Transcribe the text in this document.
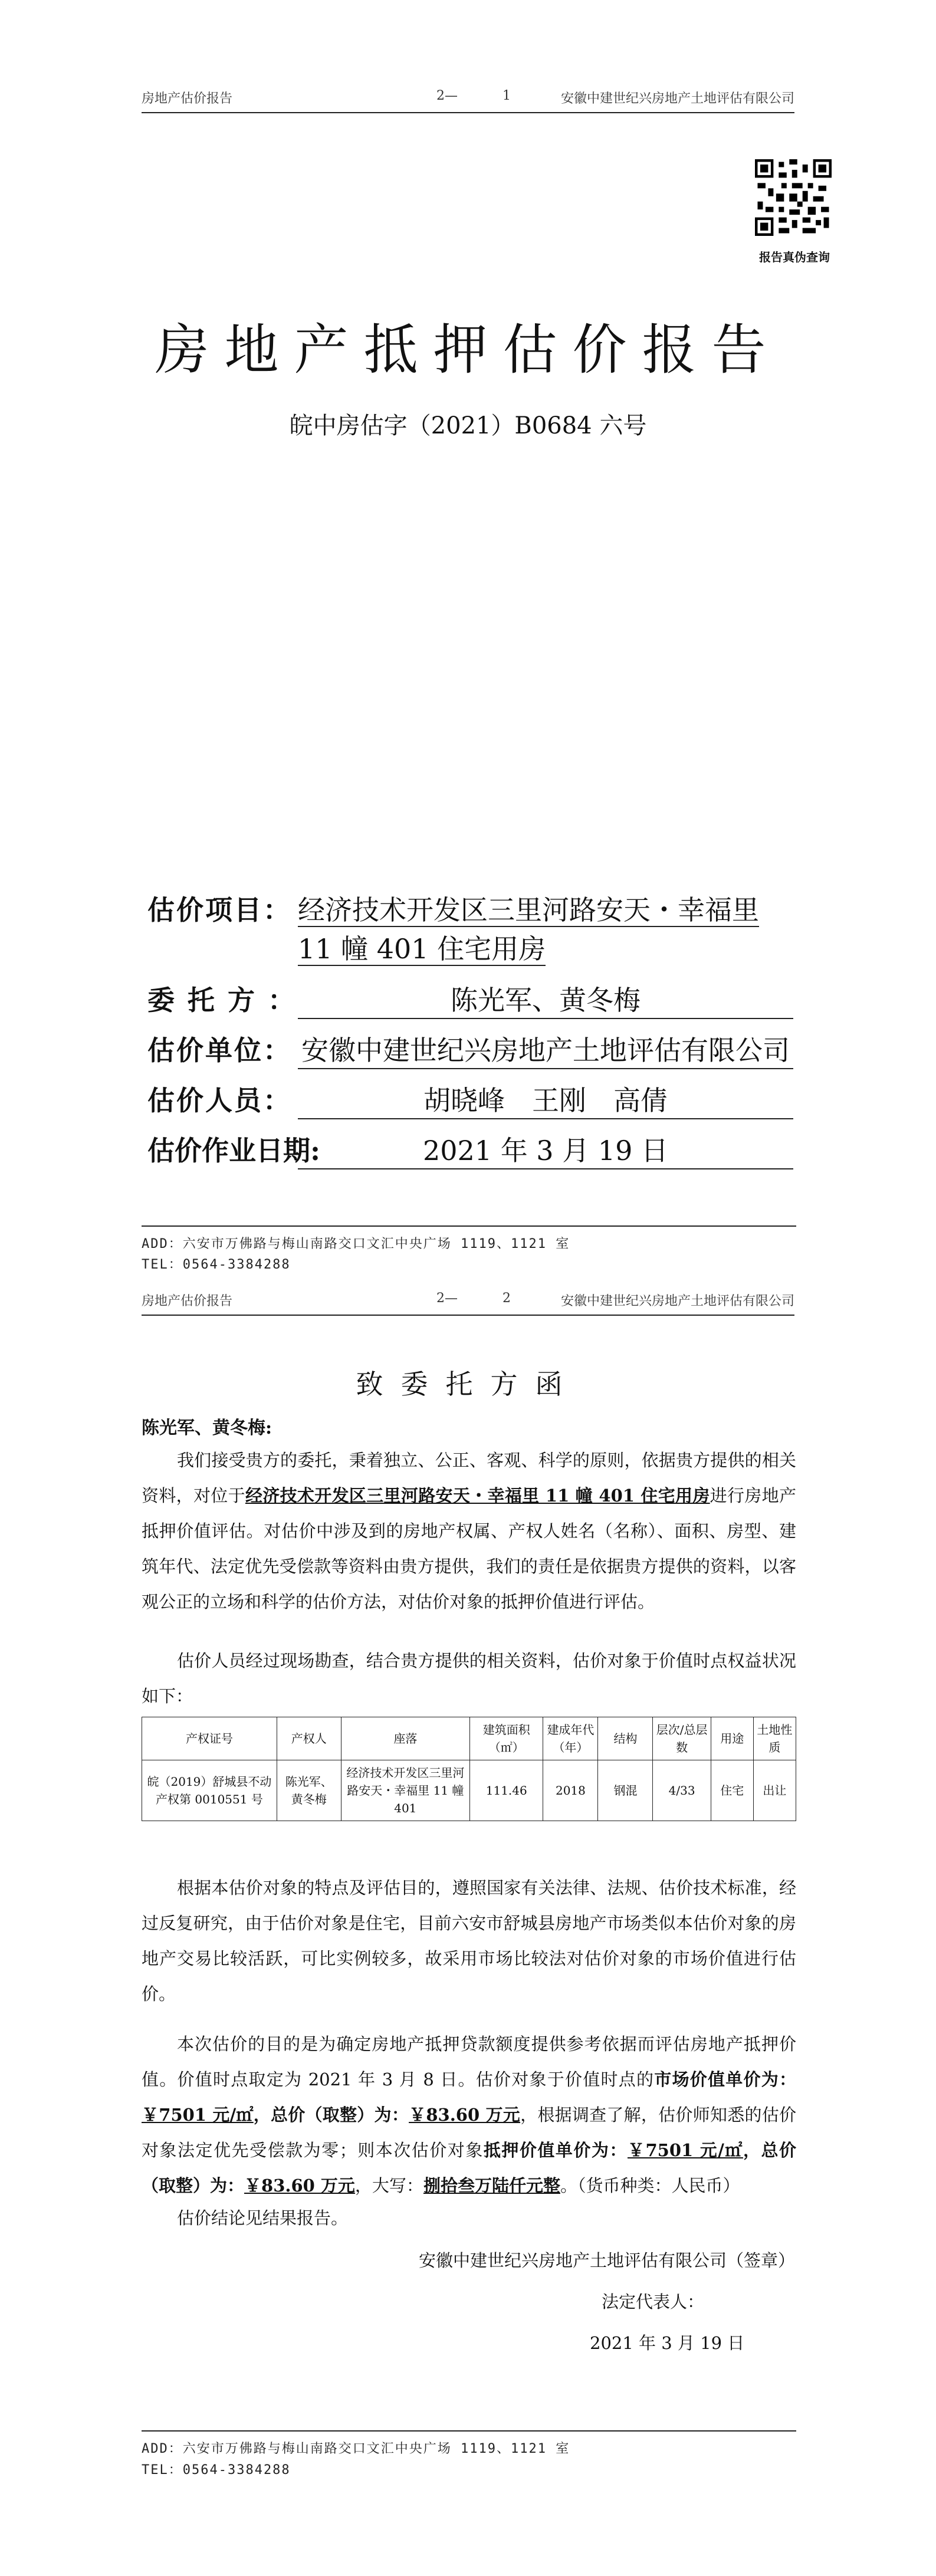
房地产估价报告	2—	1	安徽中建世纪兴房地产土地评估有限公司
报告真伪查询
房地产抵押估价报告
皖中房估字（2021）B0684 六号
估价项目： 经济技术开发区三里河路安天・幸福里 11 幢 401 住宅用房
委托方：	陈光军、黄冬梅
估价单位： 安徽中建世纪兴房地产土地评估有限公司
估价人员：	胡晓峰　王刚　高倩
估价作业日期:	2021 年 3 月 19 日
ADD：六安市万佛路与梅山南路交口文汇中央广场 1119、1121 室
TEL：0564-3384288
房地产估价报告	2—	2	安徽中建世纪兴房地产土地评估有限公司
致委托方函
陈光军、黄冬梅:
我们接受贵方的委托，秉着独立、公正、客观、科学的原则，依据贵方提供的相关资料，对位于经济技术开发区三里河路安天・幸福里 11 幢 401 住宅用房进行房地产抵押价值评估。对估价中涉及到的房地产权属、产权人姓名（名称）、面积、房型、建筑年代、法定优先受偿款等资料由贵方提供，我们的责任是依据贵方提供的资料，以客观公正的立场和科学的估价方法，对估价对象的抵押价值进行评估。
估价人员经过现场勘查，结合贵方提供的相关资料，估价对象于价值时点权益状况如下：
产权证号	产权人	座落	建筑面积（㎡）	建成年代（年）	结构	层次/总层数	用途	土地性质
皖（2019）舒城县不动产权第 0010551 号	陈光军、黄冬梅	经济技术开发区三里河路安天・幸福里 11 幢 401	111.46	2018	钢混	4/33	住宅	出让
根据本估价对象的特点及评估目的，遵照国家有关法律、法规、估价技术标准，经过反复研究，由于估价对象是住宅，目前六安市舒城县房地产市场类似本估价对象的房地产交易比较活跃，可比实例较多，故采用市场比较法对估价对象的市场价值进行估价。
本次估价的目的是为确定房地产抵押贷款额度提供参考依据而评估房地产抵押价值。价值时点取定为 2021 年 3 月 8 日。估价对象于价值时点的市场价值单价为：￥7501 元/㎡，总价（取整）为：￥83.60 万元，根据调查了解，估价师知悉的估价对象法定优先受偿款为零；则本次估价对象抵押价值单价为：￥7501 元/㎡，总价（取整）为：￥83.60 万元，大写：捌拾叁万陆仟元整。（货币种类：人民币）
估价结论见结果报告。
安徽中建世纪兴房地产土地评估有限公司（签章）
法定代表人：
2021 年 3 月 19 日
ADD：六安市万佛路与梅山南路交口文汇中央广场 1119、1121 室
TEL：0564-3384288
